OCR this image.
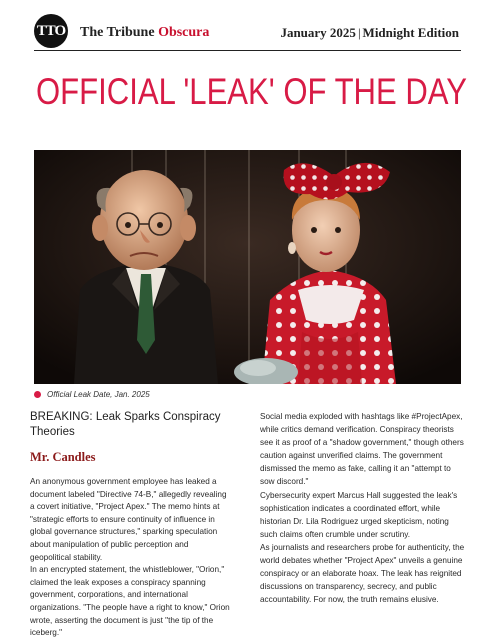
TTO The Tribune Obscura	January 2025 | Midnight Edition
OFFICIAL 'LEAK' OF THE DAY
Official Leak Date, Jan. 2025
BREAKING: Leak Sparks Conspiracy Theories

Mr. Candles

An anonymous government employee has leaked a document labeled "Directive 74-B," allegedly revealing a covert initiative, "Project Apex." The memo hints at "strategic efforts to ensure continuity of influence in global governance structures," sparking speculation about manipulation of public perception and geopolitical stability.
In an encrypted statement, the whistleblower, "Orion," claimed the leak exposes a conspiracy spanning government, corporations, and international organizations. "The people have a right to know," Orion wrote, asserting the document is just "the tip of the iceberg."

Social media exploded with hashtags like #ProjectApex, while critics demand verification. Conspiracy theorists see it as proof of a "shadow government," though others caution against unverified claims. The government dismissed the memo as fake, calling it an "attempt to sow discord."
Cybersecurity expert Marcus Hall suggested the leak's sophistication indicates a coordinated effort, while historian Dr. Lila Rodriguez urged skepticism, noting such claims often crumble under scrutiny.
As journalists and researchers probe for authenticity, the world debates whether "Project Apex" unveils a genuine conspiracy or an elaborate hoax. The leak has reignited discussions on transparency, secrecy, and public accountability. For now, the truth remains elusive.
